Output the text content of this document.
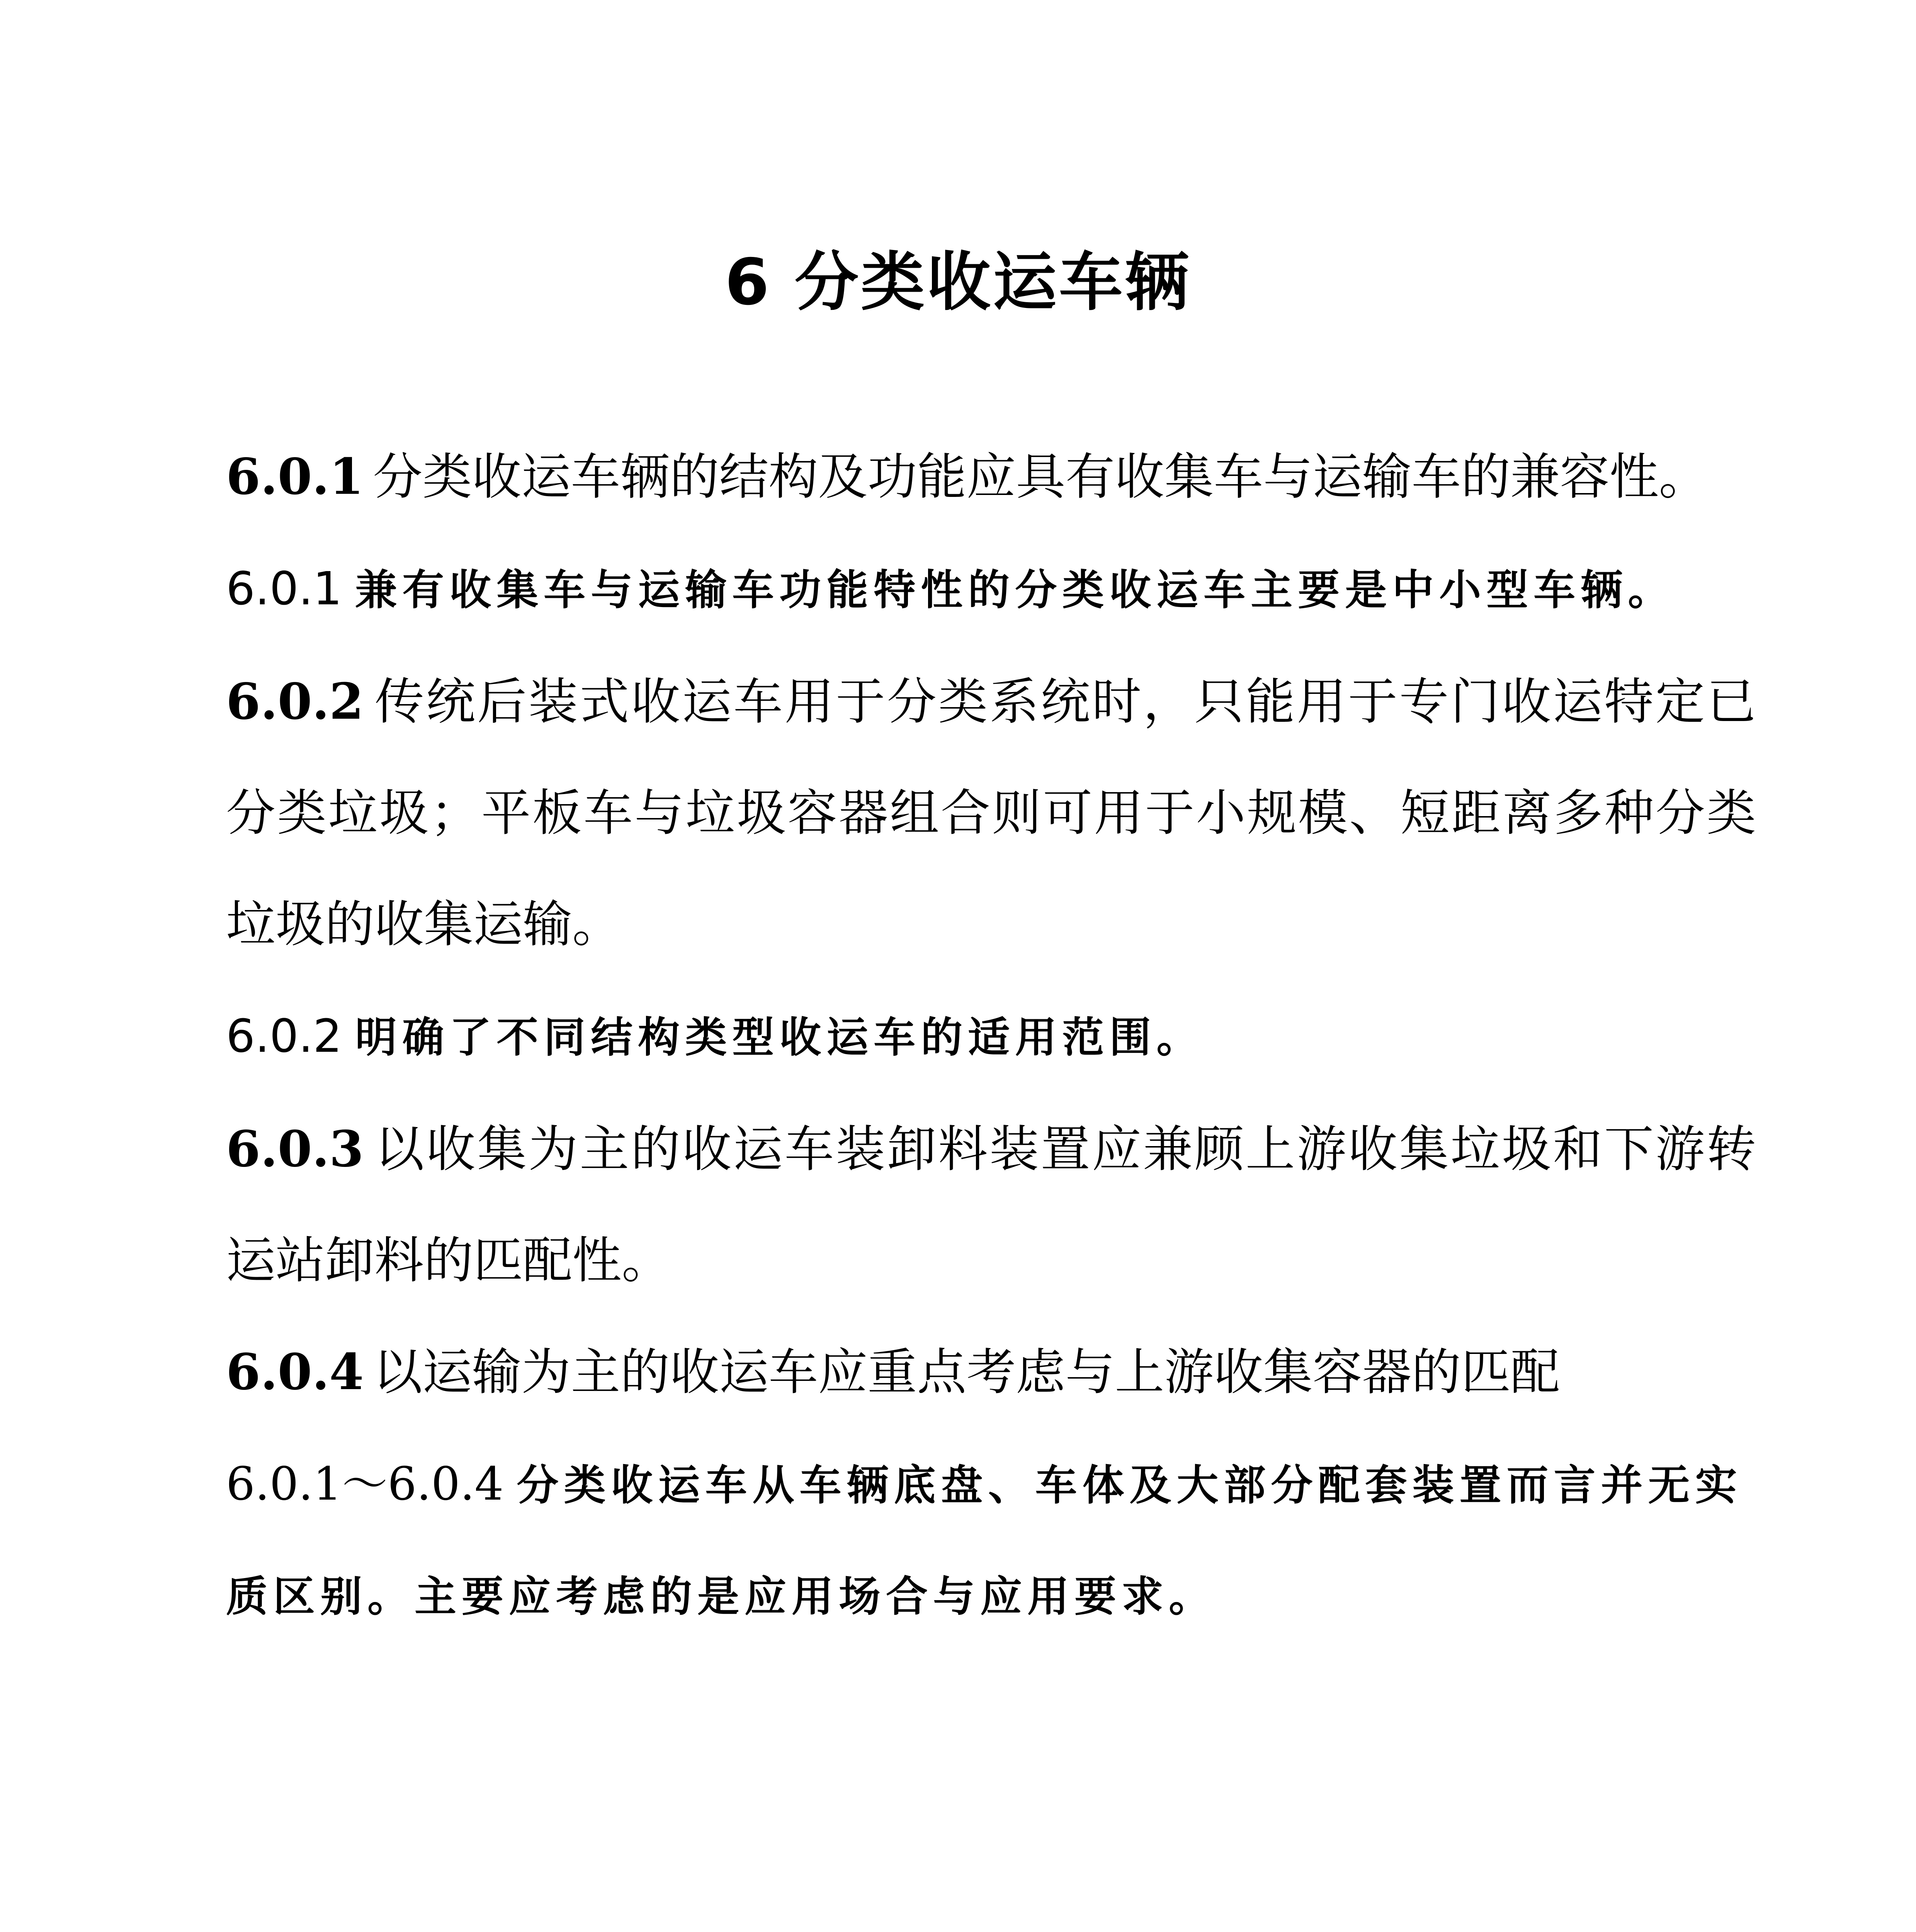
6 分类收运车辆

6.0.1 分类收运车辆的结构及功能应具有收集车与运输车的兼容性。

6.0.1 兼有收集车与运输车功能特性的分类收运车主要是中小型车辆。

6.0.2 传统后装式收运车用于分类系统时，只能用于专门收运特定已分类垃圾；平板车与垃圾容器组合则可用于小规模、短距离多种分类垃圾的收集运输。

6.0.2 明确了不同结构类型收运车的适用范围。

6.0.3 以收集为主的收运车装卸料装置应兼顾上游收集垃圾和下游转运站卸料的匹配性。

6.0.4 以运输为主的收运车应重点考虑与上游收集容器的匹配

6.0.1～6.0.4 分类收运车从车辆底盘、车体及大部分配套装置而言并无实质区别。主要应考虑的是应用场合与应用要求。
